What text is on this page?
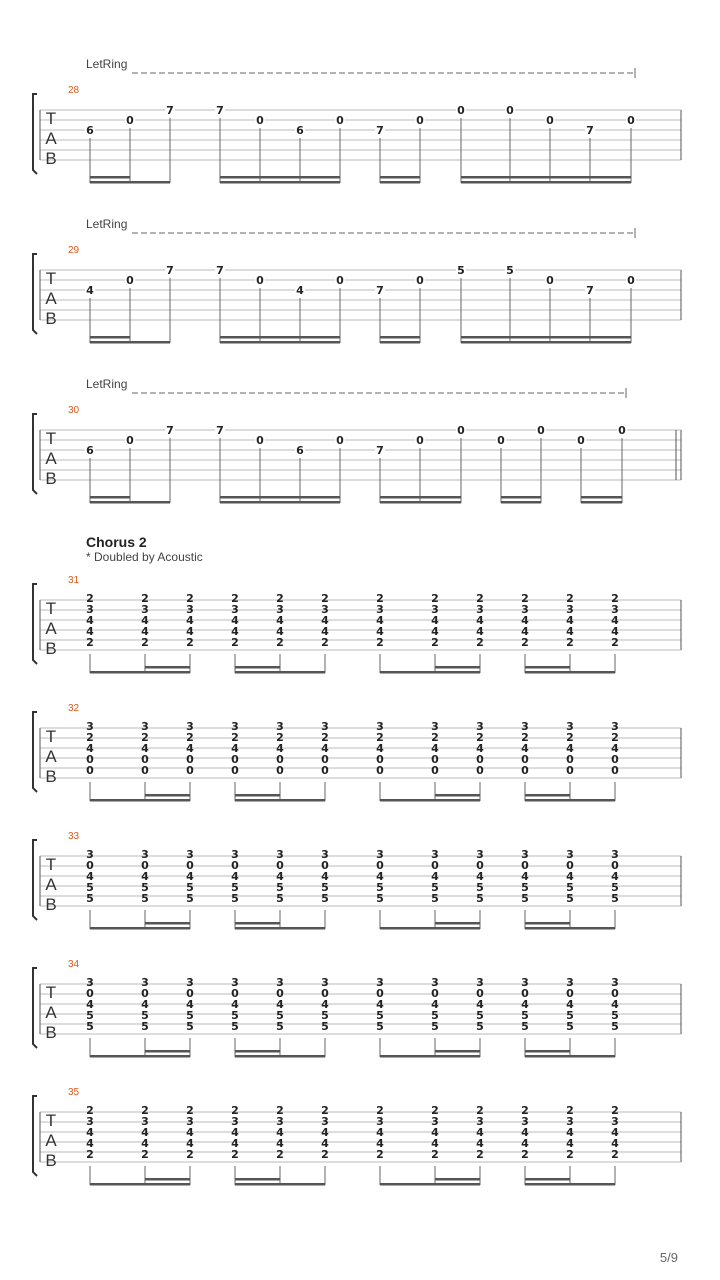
T
A
B
28
LetRing
6
0
7	7
0
6
0
7
0
0	0
0
7
0
T
A
B
29
LetRing
4
0
7	7
0
4
0
7
0
5	5
0
7
0
T
A
B
30
LetRing
6
0
7	7
0
6
0
7
0
0
0
0
0
0
T
A
B
31
2
3
4
4
2
2
3
4
4
2
2
3
4
4
2
2
3
4
4
2
2
3
4
4
2
2
3
4
4
2
2
3
4
4
2
2
3
4
4
2
2
3
4
4
2
2
3
4
4
2
2
3
4
4
2
2
3
4
4
2
T
A
B
32
3
2
4
0
0
3
2
4
0
0
3
2
4
0
0
3
2
4
0
0
3
2
4
0
0
3
2
4
0
0
3
2
4
0
0
3
2
4
0
0
3
2
4
0
0
3
2
4
0
0
3
2
4
0
0
3
2
4
0
0
T
A
B
33
3
0
4
5
5
3
0
4
5
5
3
0
4
5
5
3
0
4
5
5
3
0
4
5
5
3
0
4
5
5
3
0
4
5
5
3
0
4
5
5
3
0
4
5
5
3
0
4
5
5
3
0
4
5
5
3
0
4
5
5
T
A
B
34
3
0
4
5
5
3
0
4
5
5
3
0
4
5
5
3
0
4
5
5
3
0
4
5
5
3
0
4
5
5
3
0
4
5
5
3
0
4
5
5
3
0
4
5
5
3
0
4
5
5
3
0
4
5
5
3
0
4
5
5
T
A
B
35
2
3
4
4
2
2
3
4
4
2
2
3
4
4
2
2
3
4
4
2
2
3
4
4
2
2
3
4
4
2
2
3
4
4
2
2
3
4
4
2
2
3
4
4
2
2
3
4
4
2
2
3
4
4
2
2
3
4
4
2
Chorus 2
* Doubled by Acoustic
5/9
